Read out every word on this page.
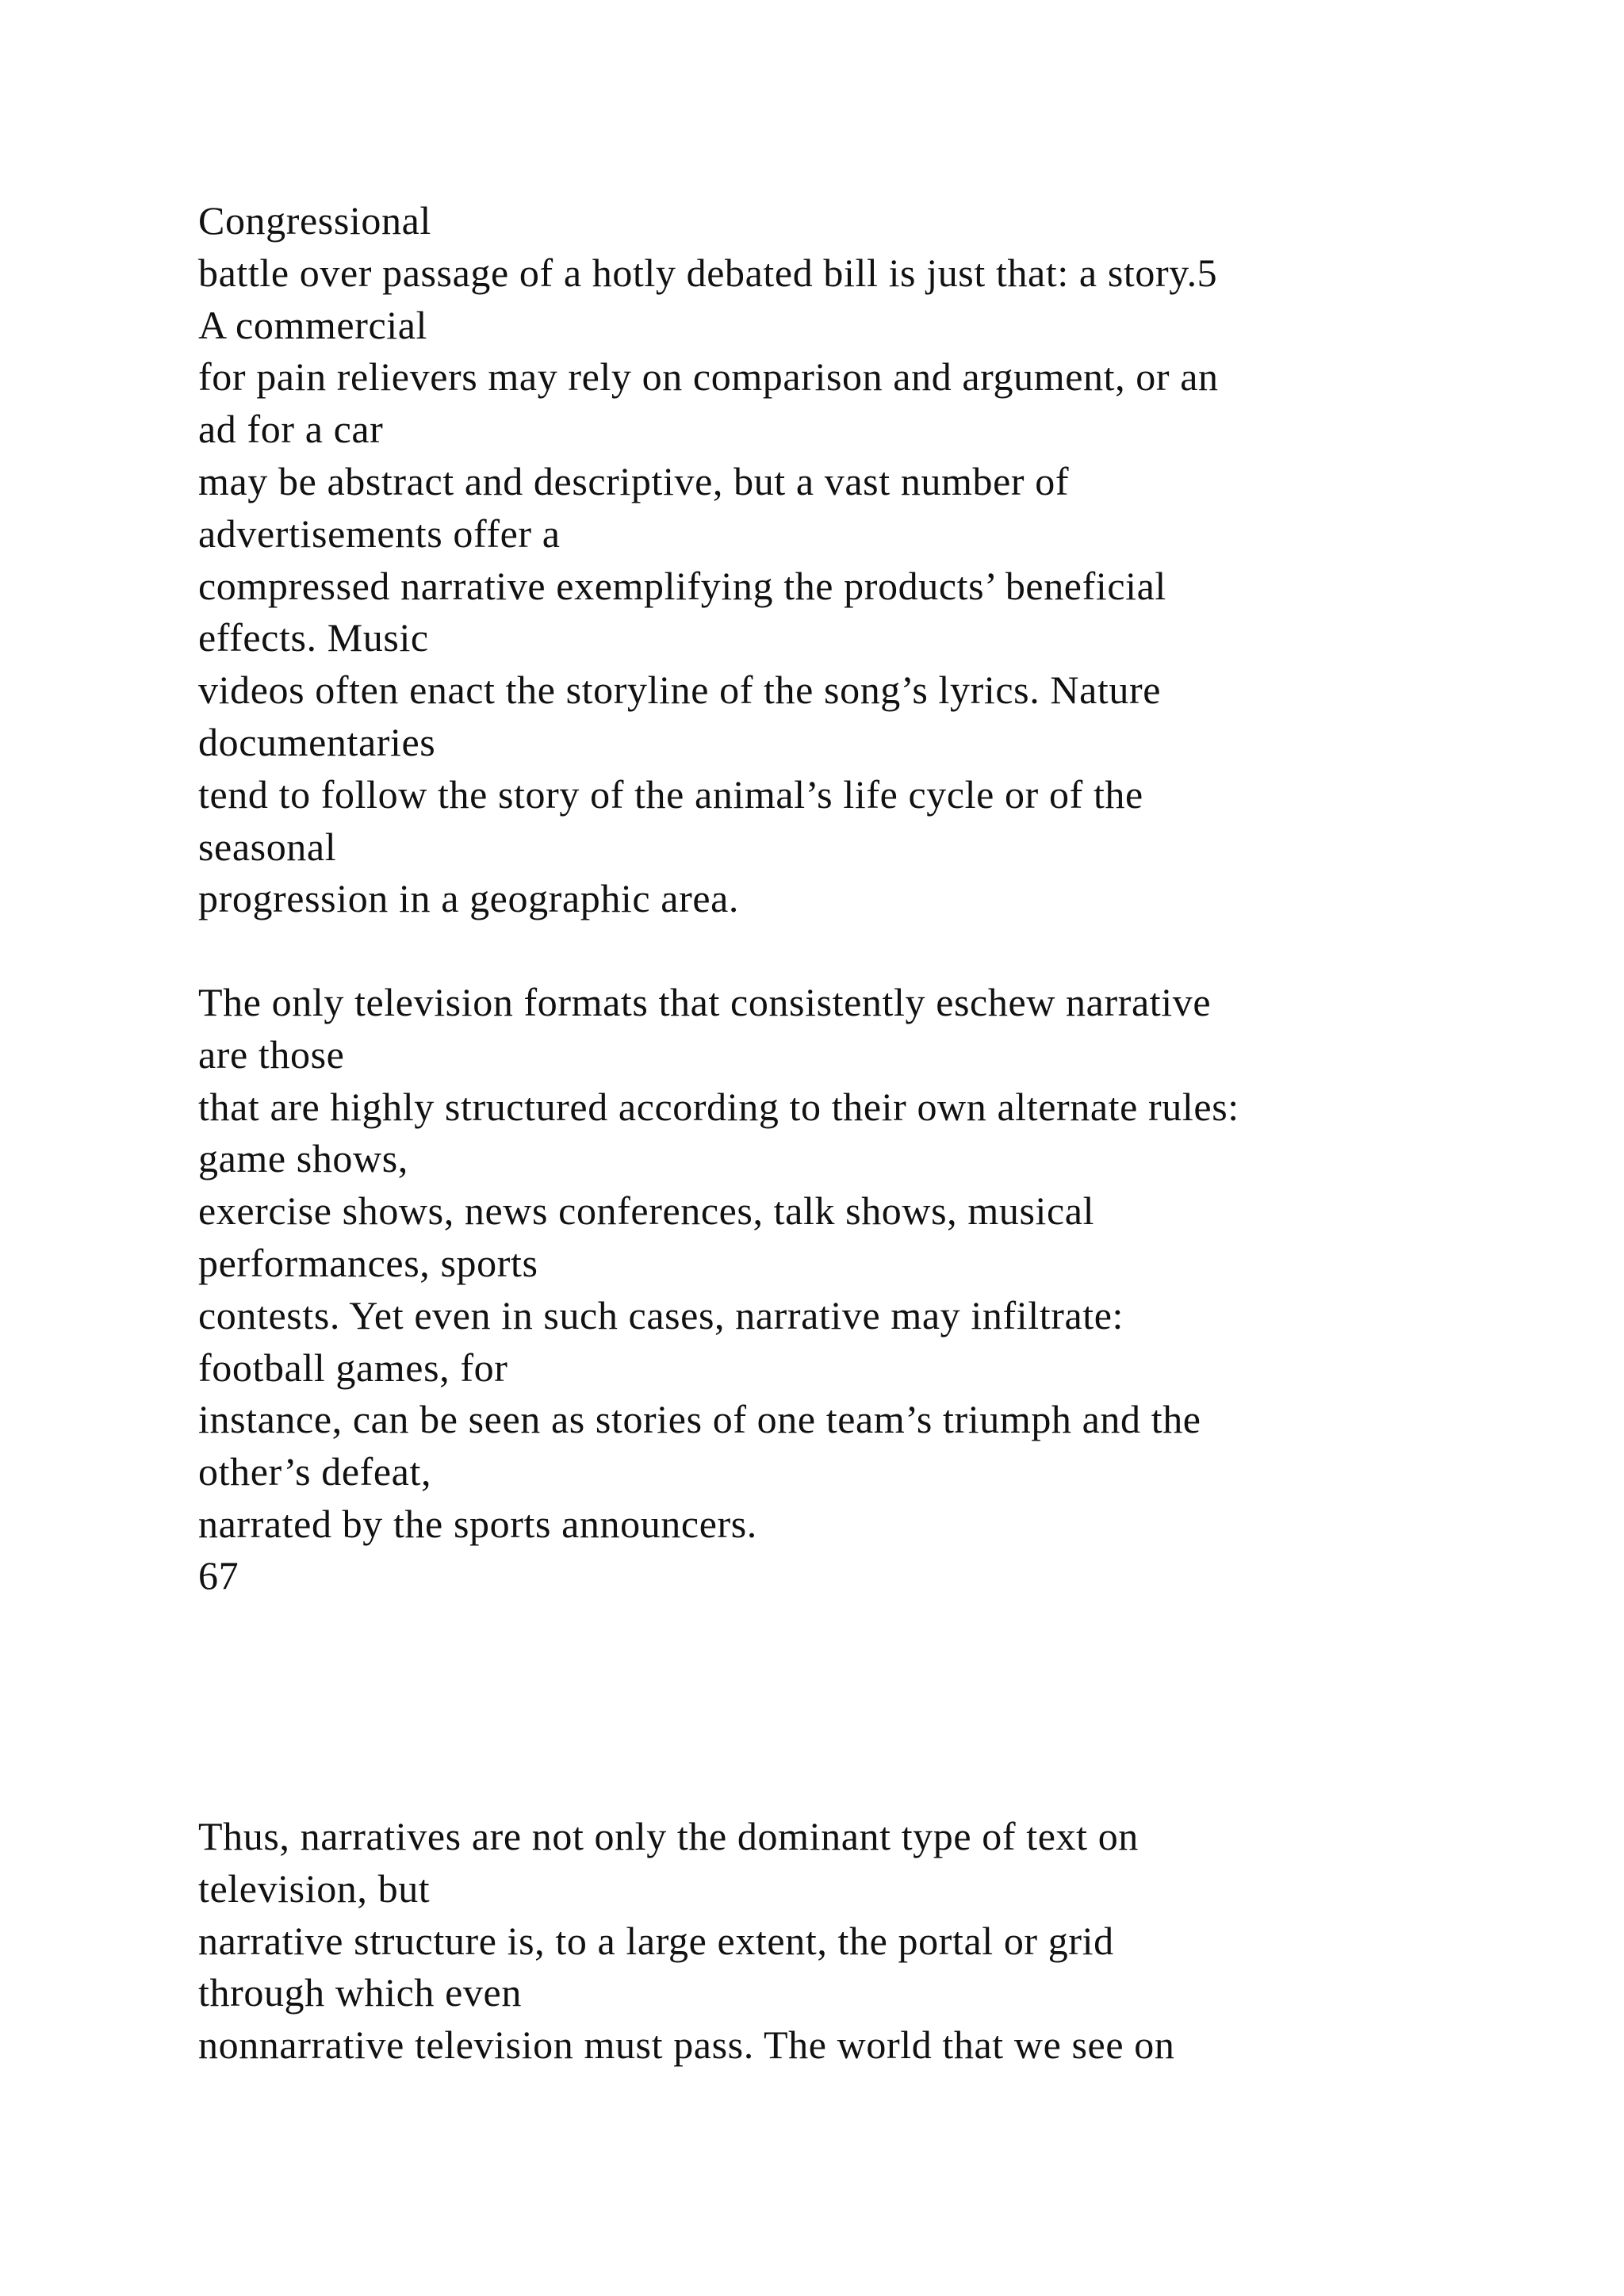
Congressional
battle over passage of a hotly debated bill is just that: a story.5
A commercial
for pain relievers may rely on comparison and argument, or an
ad for a car
may be abstract and descriptive, but a vast number of
advertisements offer a
compressed narrative exemplifying the products’ beneficial
effects. Music
videos often enact the storyline of the song’s lyrics. Nature
documentaries
tend to follow the story of the animal’s life cycle or of the
seasonal
progression in a geographic area.
The only television formats that consistently eschew narrative
are those
that are highly structured according to their own alternate rules:
game shows,
exercise shows, news conferences, talk shows, musical
performances, sports
contests. Yet even in such cases, narrative may infiltrate:
football games, for
instance, can be seen as stories of one team’s triumph and the
other’s defeat,
narrated by the sports announcers.
67
Thus, narratives are not only the dominant type of text on
television, but
narrative structure is, to a large extent, the portal or grid
through which even
nonnarrative television must pass. The world that we see on
